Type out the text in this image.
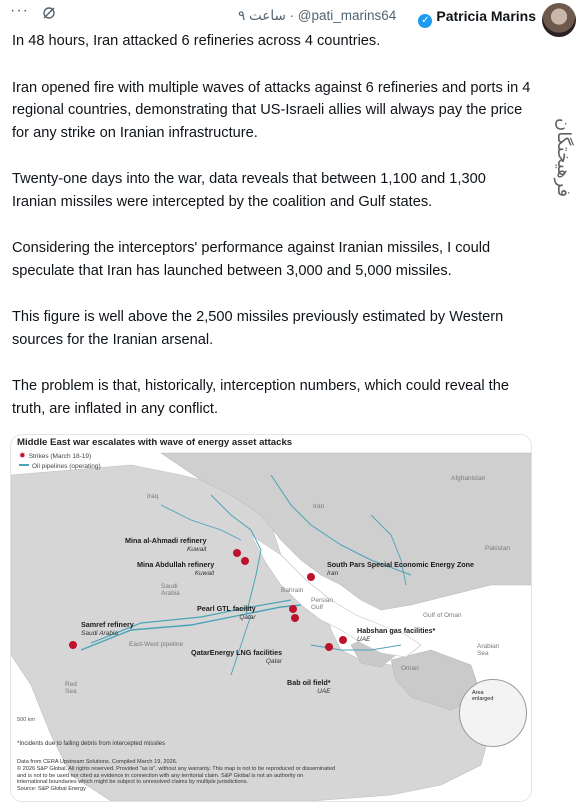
···	ساعت ۹ · @pati_marins64 ✓ Patricia Marins
فرهیختگان

In 48 hours, Iran attacked 6 refineries across 4 countries.

Iran opened fire with multiple waves of attacks against 6 refineries and ports in 4 regional countries, demonstrating that US-Israeli allies will always pay the price for any strike on Iranian infrastructure.

Twenty-one days into the war, data reveals that between 1,100 and 1,300 Iranian missiles were intercepted by the coalition and Gulf states.

Considering the interceptors' performance against Iranian missiles, I could speculate that Iran has launched between 3,000 and 5,000 missiles.

This figure is well above the 2,500 missiles previously estimated by Western sources for the Iranian arsenal.

The problem is that, historically, interception numbers, which could reveal the truth, are inflated in any conflict.

Middle East war escalates with wave of energy asset attacks
✸ Strikes (March 18-19)
Oil pipelines (operating)
Iraq
Iran
Afghanistan
Pakistan
Saudi
Arabia
Persian
Gulf
Gulf of Oman
Arabian
Sea
Red
Sea
Oman
East-West pipeline
Bahrain
Mina al-Ahmadi refinery
Kuwait
Mina Abdullah refinery
Kuwait
South Pars Special Economic Energy Zone
Iran
Samref refinery
Saudi Arabia
Pearl GTL facility
Qatar
QatarEnergy LNG facilities
Qatar
Habshan gas facilities*
UAE
Bab oil field*
UAE	Area
enlarged
500 km
*Incidents due to falling debris from intercepted missiles
Data from CERA Upstream Solutions. Compiled March 19, 2026.
© 2026 S&P Global. All rights reserved. Provided "as is", without any warranty. This map is not to be reproduced or disseminated
and is not to be used nor cited as evidence in connection with any territorial claim. S&P Global is not an authority on
international boundaries which might be subject to unresolved claims by multiple jurisdictions.
Source: S&P Global Energy
